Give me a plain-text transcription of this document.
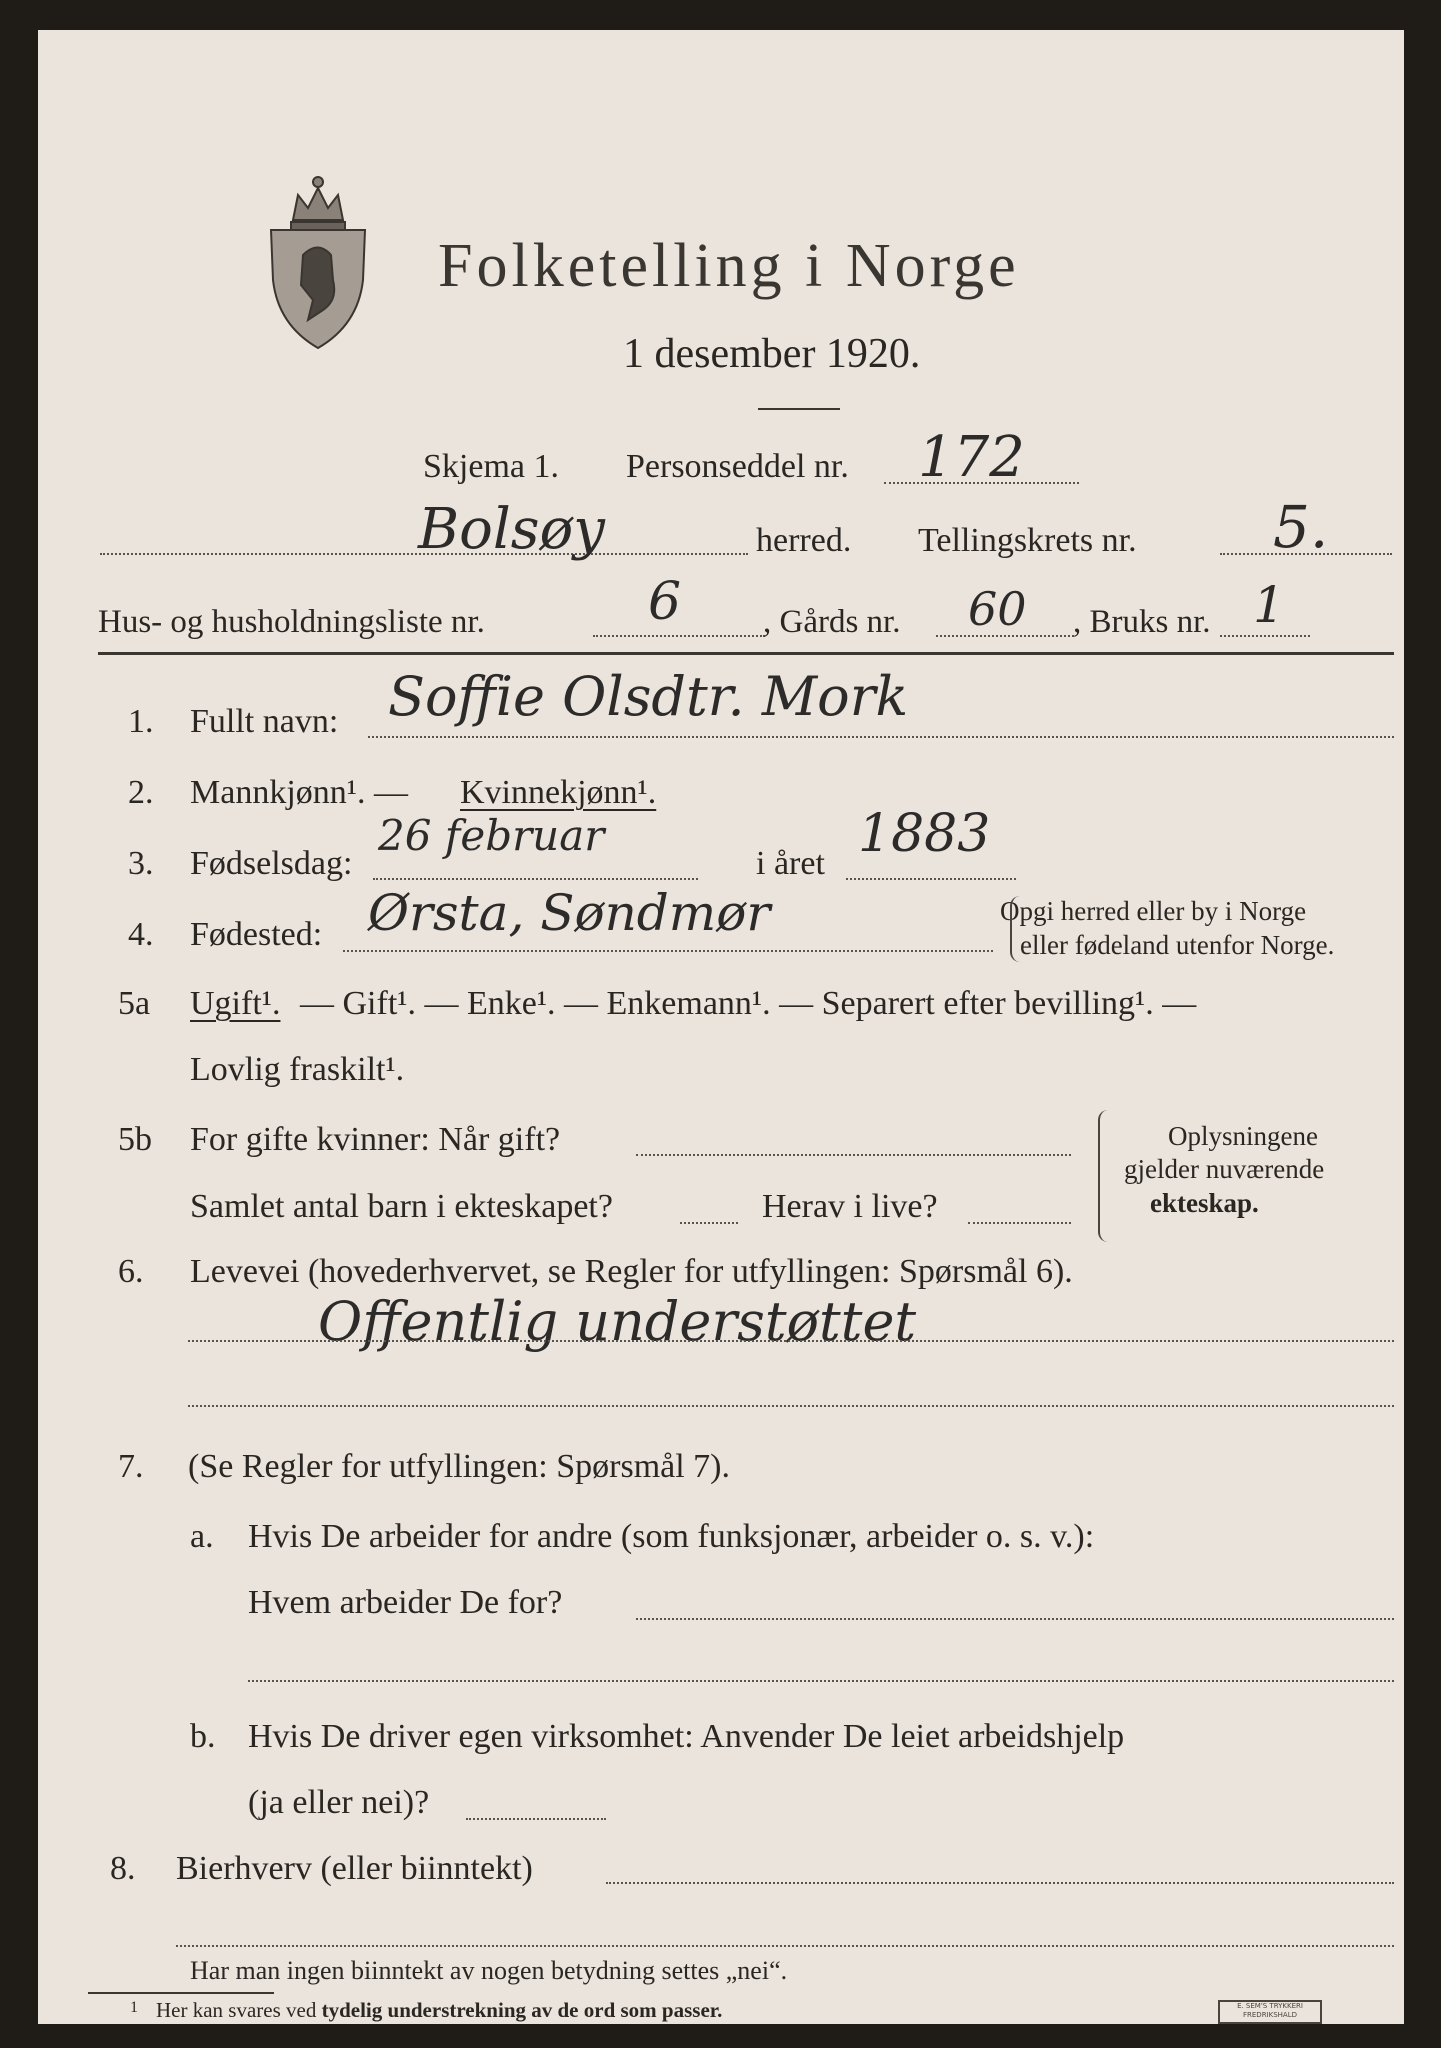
Folketelling i Norge
1 desember 1920.
Skjema 1. Personseddel nr. 172
Bolsøy	herred. Tellingskrets nr. 5.
Hus- og husholdningsliste nr.	6 , Gårds nr. 60 , Bruks nr. 1
1. Fullt navn: Soffie Olsdtr. Mork
2. Mannkjønn¹. — Kvinnekjønn¹.
3. Fødselsdag:
26 februar
i året 1883
4. Fødested: Ørsta, Søndmør	Opgi herred eller by i Norge
eller fødeland utenfor Norge.
5a Ugift¹. — Gift¹. — Enke¹. — Enkemann¹. — Separert efter bevilling¹. —
Lovlig fraskilt¹.
5b For gifte kvinner: Når gift?
Samlet antal barn i ekteskapet?	Herav i live?
Oplysningene
gjelder nuværende
ekteskap.
6. Levevei (hovederhvervet, se Regler for utfyllingen: Spørsmål 6).
Offentlig understøttet
7. (Se Regler for utfyllingen: Spørsmål 7).
a. Hvis De arbeider for andre (som funksjonær, arbeider o. s. v.):
Hvem arbeider De for?
b. Hvis De driver egen virksomhet: Anvender De leiet arbeidshjelp
(ja eller nei)?
8. Bierhverv (eller biinntekt)
Har man ingen biinntekt av nogen betydning settes „nei“.
1 Her kan svares ved tydelig understrekning av de ord som passer.	E. SEM'S TRYKKERI
FREDRIKSHALD
